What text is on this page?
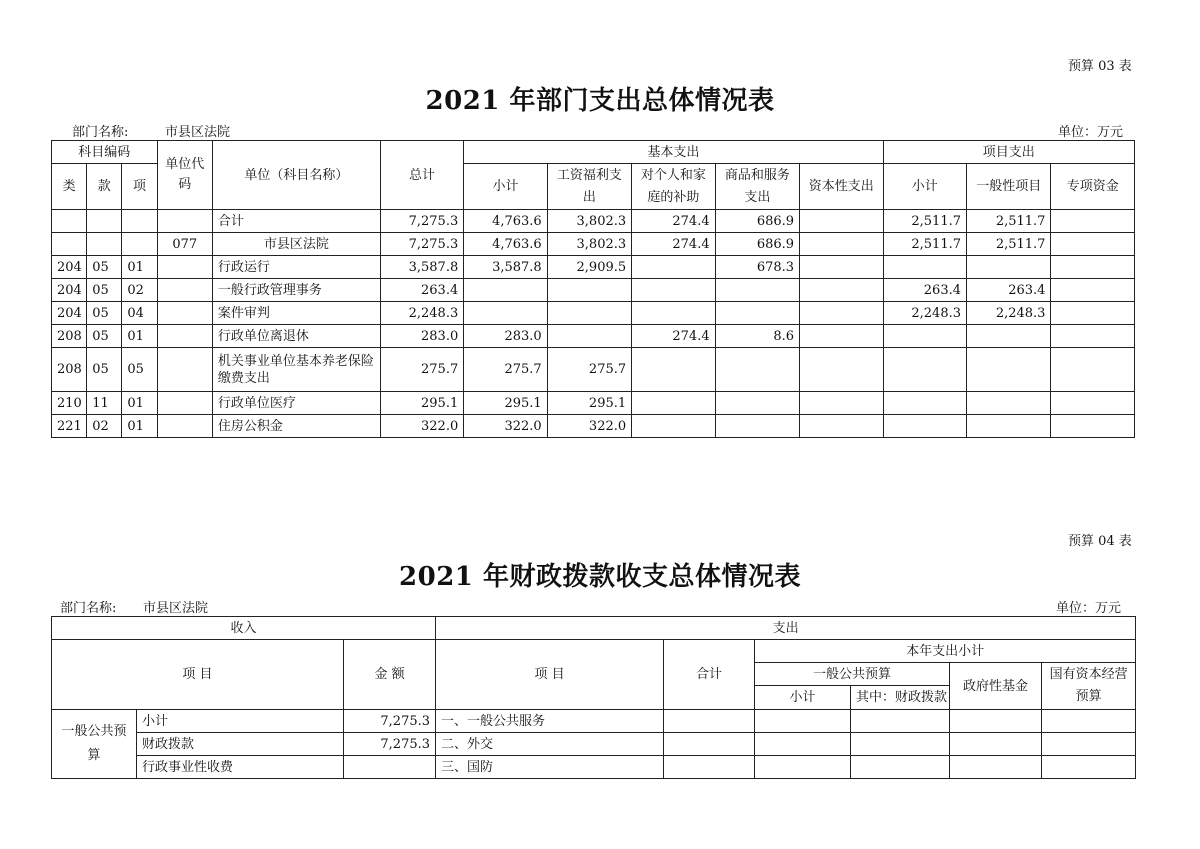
预算 03 表
2021 年部门支出总体情况表
部门名称:	市县区法院	单位：万元
科目编码			单位代码	单位（科目名称）	总计	基本支出					项目支出		
类	款	项				小计	工资福利支出	对个人和家庭的补助	商品和服务支出	资本性支出	小计	一般性项目	专项资金
				合计	7,275.3	4,763.6	3,802.3	274.4	686.9		2,511.7	2,511.7	
			077	市县区法院	7,275.3	4,763.6	3,802.3	274.4	686.9		2,511.7	2,511.7	
204	05	01		行政运行	3,587.8	3,587.8	2,909.5		678.3				
204	05	02		一般行政管理事务	263.4						263.4	263.4	
204	05	04		案件审判	2,248.3						2,248.3	2,248.3	
208	05	01		行政单位离退休	283.0	283.0		274.4	8.6				
208	05	05		机关事业单位基本养老保险缴费支出	275.7	275.7	275.7						
210	11	01		行政单位医疗	295.1	295.1	295.1						
221	02	01		住房公积金	322.0	322.0	322.0						
预算 04 表
2021 年财政拨款收支总体情况表
部门名称: 市县区法院	单位：万元
收入			支出					
项 目		金 额	项 目	合计	本年支出小计			
					一般公共预算		政府性基金	国有资本经营预算
					小计	其中：财政拨款		
一般公共预算	小计	7,275.3	一、一般公共服务					
	财政拨款	7,275.3	二、外交					
	行政事业性收费		三、国防					
